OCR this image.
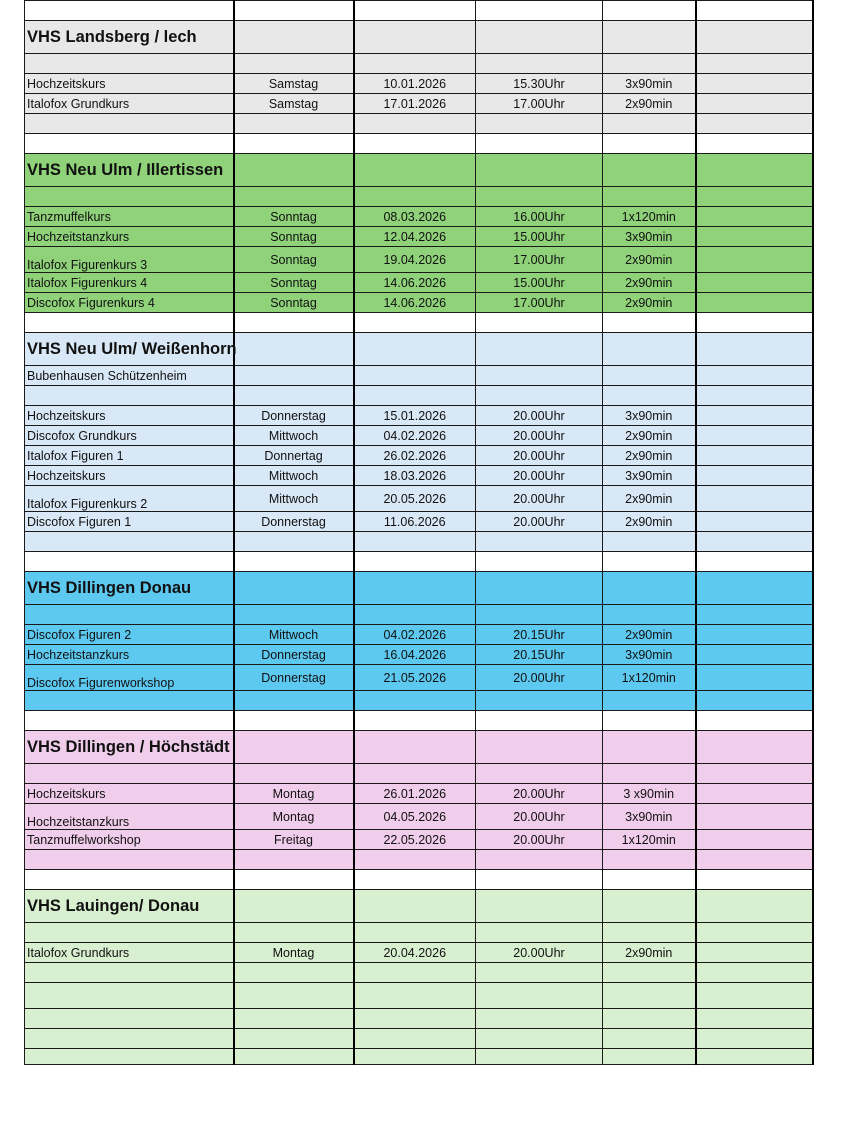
VHS Landsberg / lech					

Hochzeitskurs	Samstag	10.01.2026	15.30Uhr	3x90min	
Italofox Grundkurs	Samstag	17.01.2026	17.00Uhr	2x90min	

VHS Neu Ulm / Illertissen					

Tanzmuffelkurs	Sonntag	08.03.2026	16.00Uhr	1x120min	
Hochzeitstanzkurs	Sonntag	12.04.2026	15.00Uhr	3x90min	
Italofox Figurenkurs 3	Sonntag	19.04.2026	17.00Uhr	2x90min	
Italofox Figurenkurs 4	Sonntag	14.06.2026	15.00Uhr	2x90min	
Discofox Figurenkurs 4	Sonntag	14.06.2026	17.00Uhr	2x90min	

VHS Neu Ulm/ Weißenhorn					
Bubenhausen Schützenheim					

Hochzeitskurs	Donnerstag	15.01.2026	20.00Uhr	3x90min	
Discofox Grundkurs	Mittwoch	04.02.2026	20.00Uhr	2x90min	
Italofox Figuren 1	Donnertag	26.02.2026	20.00Uhr	2x90min	
Hochzeitskurs	Mittwoch	18.03.2026	20.00Uhr	3x90min	
Italofox Figurenkurs 2	Mittwoch	20.05.2026	20.00Uhr	2x90min	
Discofox Figuren 1	Donnerstag	11.06.2026	20.00Uhr	2x90min	

VHS Dillingen Donau					

Discofox Figuren 2	Mittwoch	04.02.2026	20.15Uhr	2x90min	
Hochzeitstanzkurs	Donnerstag	16.04.2026	20.15Uhr	3x90min	
Discofox Figurenworkshop	Donnerstag	21.05.2026	20.00Uhr	1x120min	

VHS Dillingen / Höchstädt					

Hochzeitskurs	Montag	26.01.2026	20.00Uhr	3 x90min	
Hochzeitstanzkurs	Montag	04.05.2026	20.00Uhr	3x90min	
Tanzmuffelworkshop	Freitag	22.05.2026	20.00Uhr	1x120min	

VHS Lauingen/ Donau					

Italofox Grundkurs	Montag	20.04.2026	20.00Uhr	2x90min	
